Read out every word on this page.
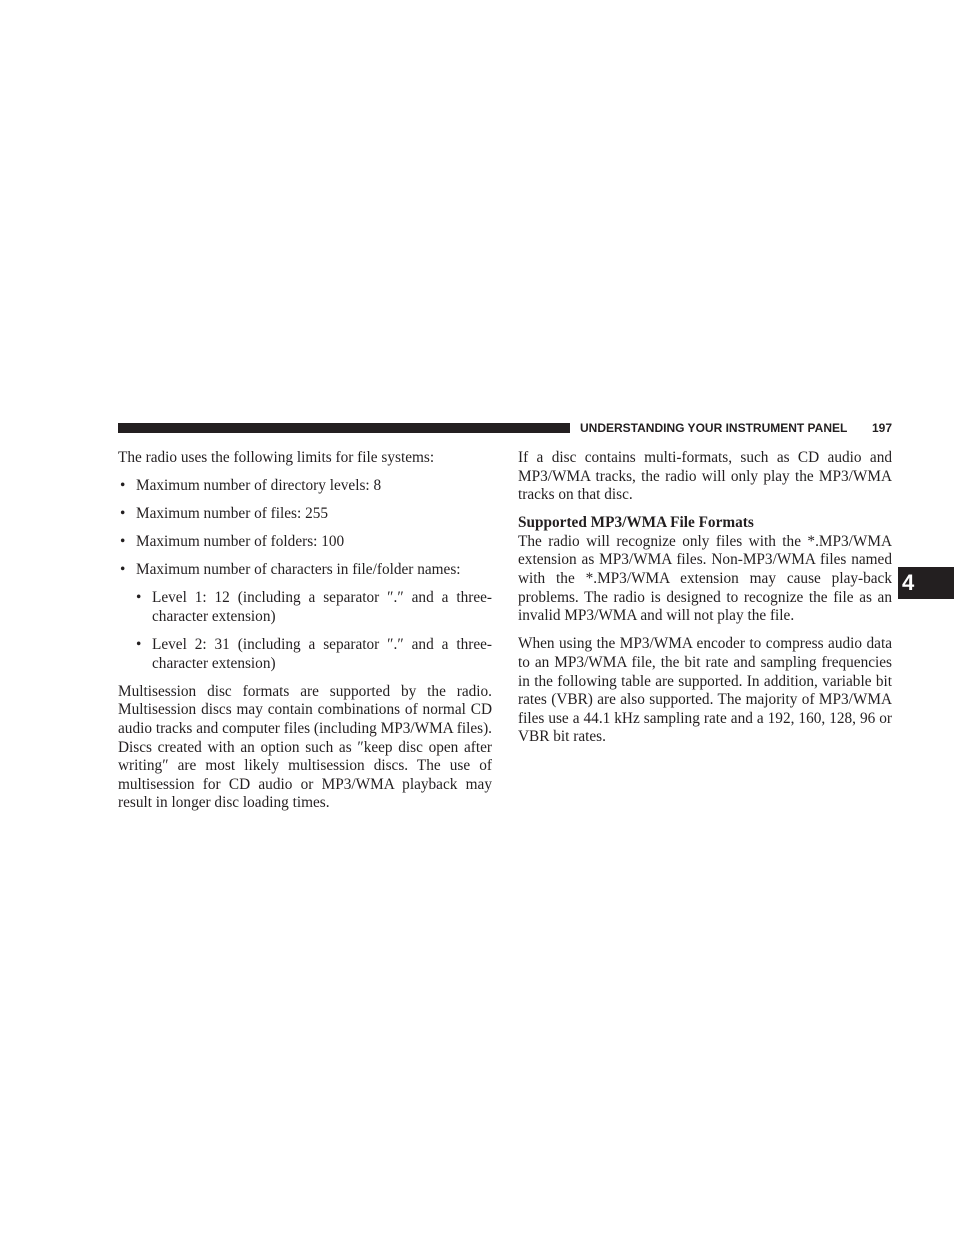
UNDERSTANDING YOUR INSTRUMENT PANEL 197
4

The radio uses the following limits for file systems:

• Maximum number of directory levels: 8
• Maximum number of files: 255
• Maximum number of folders: 100
• Maximum number of characters in file/folder names:
• Level 1: 12 (including a separator ″.″ and a three-character extension)
• Level 2: 31 (including a separator ″.″ and a three-character extension)

Multisession disc formats are supported by the radio. Multisession discs may contain combinations of normal CD audio tracks and computer files (including MP3/WMA files). Discs created with an option such as ″keep disc open after writing″ are most likely multisession discs. The use of multisession for CD audio or MP3/WMA playback may result in longer disc loading times.

If a disc contains multi-formats, such as CD audio and MP3/WMA tracks, the radio will only play the MP3/WMA tracks on that disc.

Supported MP3/WMA File Formats

The radio will recognize only files with the *.MP3/WMA extension as MP3/WMA files. Non-MP3/WMA files named with the *.MP3/WMA extension may cause play-back problems. The radio is designed to recognize the file as an invalid MP3/WMA and will not play the file.

When using the MP3/WMA encoder to compress audio data to an MP3/WMA file, the bit rate and sampling frequencies in the following table are supported. In addition, variable bit rates (VBR) are also supported. The majority of MP3/WMA files use a 44.1 kHz sampling rate and a 192, 160, 128, 96 or VBR bit rates.
